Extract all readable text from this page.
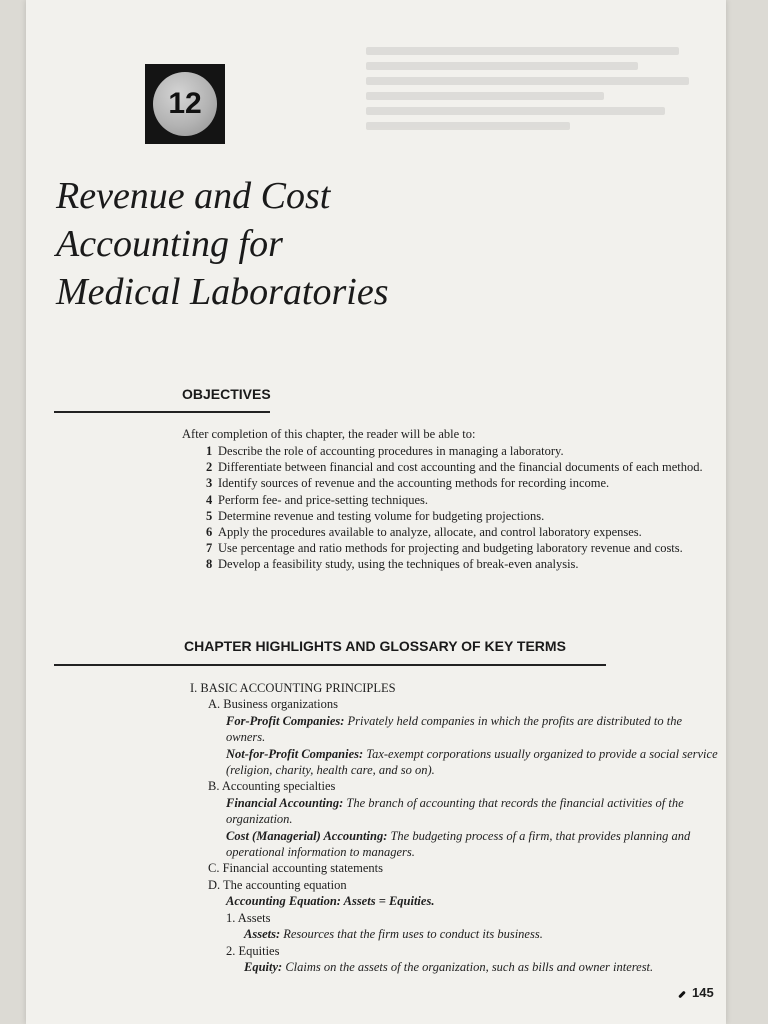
12
Revenue and Cost
Accounting for
Medical Laboratories
OBJECTIVES
After completion of this chapter, the reader will be able to:
1 Describe the role of accounting procedures in managing a laboratory.
2 Differentiate between financial and cost accounting and the financial documents of each method.
3 Identify sources of revenue and the accounting methods for recording income.
4 Perform fee- and price-setting techniques.
5 Determine revenue and testing volume for budgeting projections.
6 Apply the procedures available to analyze, allocate, and control laboratory expenses.
7 Use percentage and ratio methods for projecting and budgeting laboratory revenue and costs.
8 Develop a feasibility study, using the techniques of break-even analysis.
CHAPTER HIGHLIGHTS AND GLOSSARY OF KEY TERMS
I. BASIC ACCOUNTING PRINCIPLES
A. Business organizations
For-Profit Companies: Privately held companies in which the profits are distributed to the owners.
Not-for-Profit Companies: Tax-exempt corporations usually organized to provide a social service (religion, charity, health care, and so on).
B. Accounting specialties
Financial Accounting: The branch of accounting that records the financial activities of the organization.
Cost (Managerial) Accounting: The budgeting process of a firm, that provides planning and operational information to managers.
C. Financial accounting statements
D. The accounting equation
Accounting Equation: Assets = Equities.
1. Assets
Assets: Resources that the firm uses to conduct its business.
2. Equities
Equity: Claims on the assets of the organization, such as bills and owner interest.
145
